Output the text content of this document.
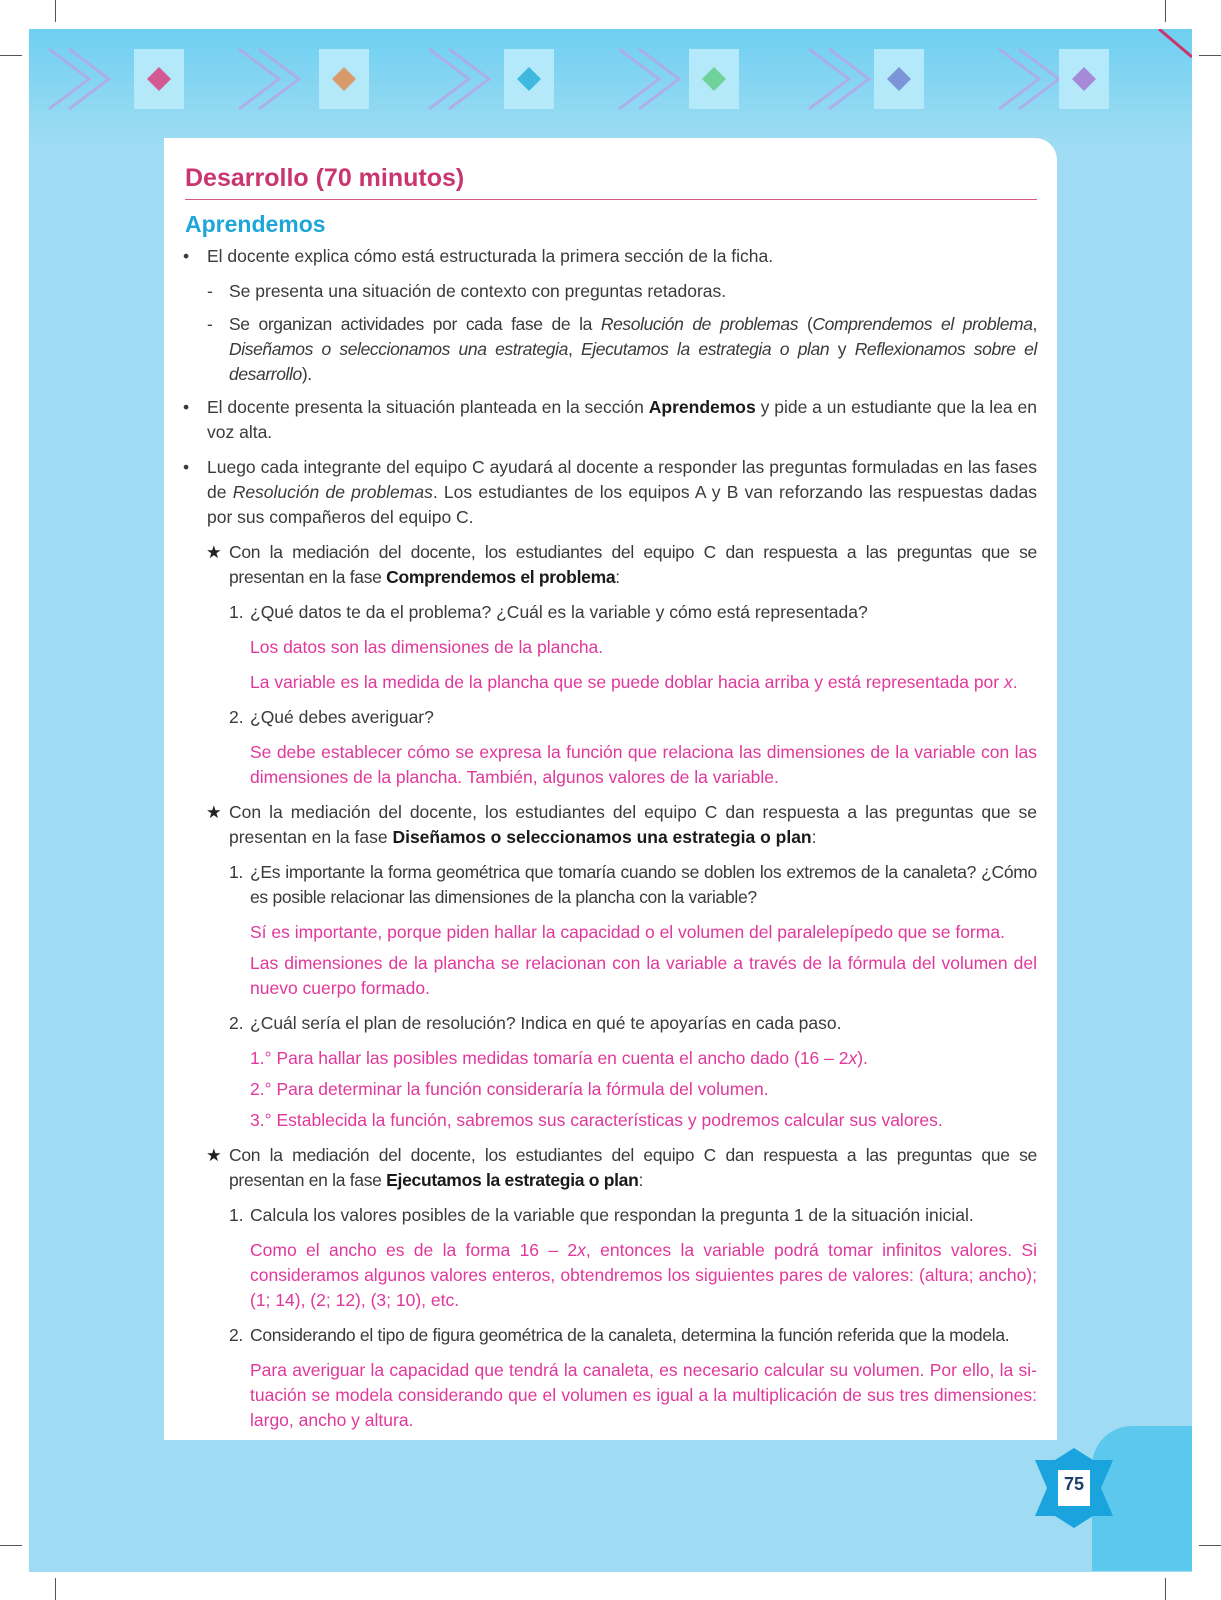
75
Desarrollo (70 minutos)
Aprendemos
• El docente explica cómo está estructurada la primera sección de la ficha.
- Se presenta una situación de contexto con preguntas retadoras.
- Se organizan actividades por cada fase de la Resolución de problemas (Comprendemos el problema, Diseñamos o seleccionamos una estrategia, Ejecutamos la estrategia o plan y Reflexionamos sobre el desarrollo).
• El docente presenta la situación planteada en la sección Aprendemos y pide a un estudiante que la lea en voz alta.
• Luego cada integrante del equipo C ayudará al docente a responder las preguntas formuladas en las fases de Resolución de problemas. Los estudiantes de los equipos A y B van reforzando las respuestas dadas por sus compañeros del equipo C.
★ Con la mediación del docente, los estudiantes del equipo C dan respuesta a las preguntas que se presentan en la fase Comprendemos el problema:
1. ¿Qué datos te da el problema? ¿Cuál es la variable y cómo está representada?
Los datos son las dimensiones de la plancha.
La variable es la medida de la plancha que se puede doblar hacia arriba y está representada por x.
2. ¿Qué debes averiguar?
Se debe establecer cómo se expresa la función que relaciona las dimensiones de la variable con las dimensiones de la plancha. También, algunos valores de la variable.
★ Con la mediación del docente, los estudiantes del equipo C dan respuesta a las preguntas que se presentan en la fase Diseñamos o seleccionamos una estrategia o plan:
1. ¿Es importante la forma geométrica que tomaría cuando se doblen los extremos de la canaleta? ¿Cómo es posible relacionar las dimensiones de la plancha con la variable?
Sí es importante, porque piden hallar la capacidad o el volumen del paralelepípedo que se forma.
Las dimensiones de la plancha se relacionan con la variable a través de la fórmula del volumen del nuevo cuerpo formado.
2. ¿Cuál sería el plan de resolución? Indica en qué te apoyarías en cada paso.
1.° Para hallar las posibles medidas tomaría en cuenta el ancho dado (16 – 2x).
2.° Para determinar la función consideraría la fórmula del volumen.
3.° Establecida la función, sabremos sus características y podremos calcular sus valores.
★ Con la mediación del docente, los estudiantes del equipo C dan respuesta a las preguntas que se presentan en la fase Ejecutamos la estrategia o plan:
1. Calcula los valores posibles de la variable que respondan la pregunta 1 de la situación inicial.
Como el ancho es de la forma 16 – 2x, entonces la variable podrá tomar infinitos valores. Si consideramos algunos valores enteros, obtendremos los siguientes pares de valores: (altura; ancho); (1; 14), (2; 12), (3; 10), etc.
2. Considerando el tipo de figura geométrica de la canaleta, determina la función referida que la modela.
Para averiguar la capacidad que tendrá la canaleta, es necesario calcular su volumen. Por ello, la situación se modela considerando que el volumen es igual a la multiplicación de sus tres dimensiones: largo, ancho y altura.
